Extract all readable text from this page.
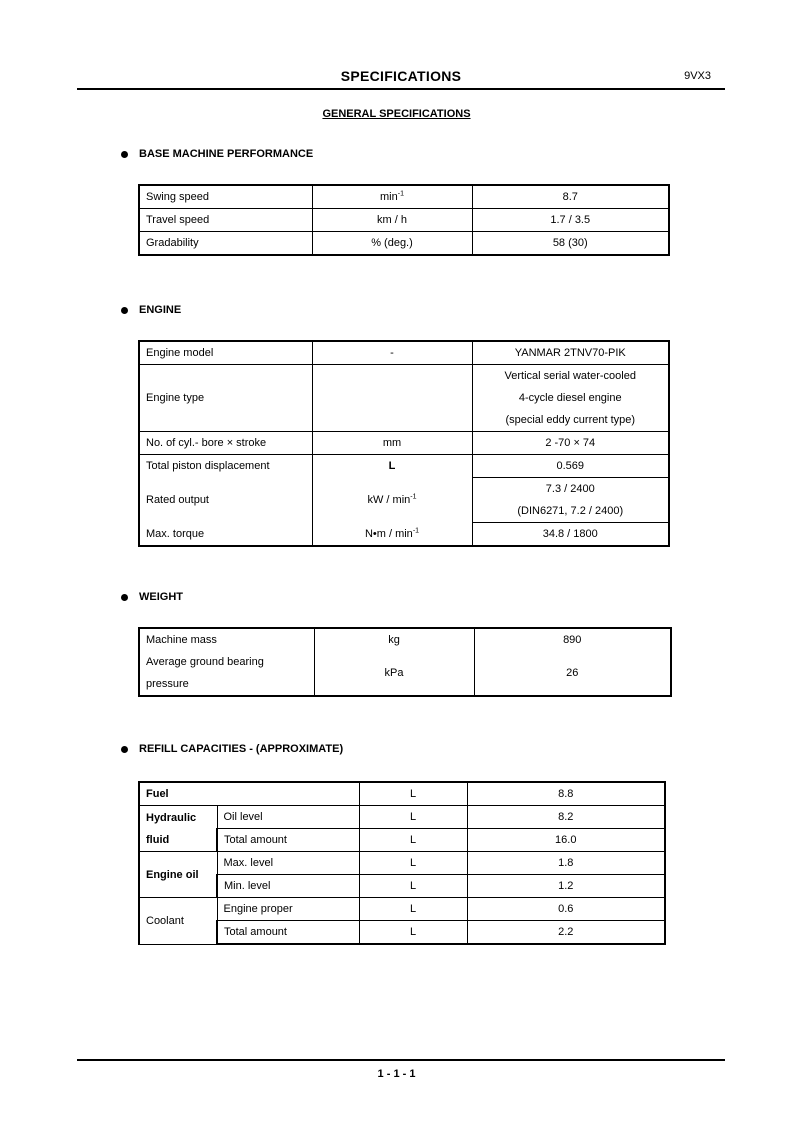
SPECIFICATIONS	9VX3
GENERAL SPECIFICATIONS
BASE MACHINE PERFORMANCE
Swing speed	$\min^{-1}$	8.7
Travel speed	km / h	1.7 / 3.5
Gradability	% (deg.)	58 (30)
ENGINE
Engine model	-	YANMAR 2TNV70-PIK
Engine type		Vertical serial water-cooled
4-cycle diesel engine
(special eddy current type)

No. of cyl.- bore × stroke	mm	2 -70 × 74
Total piston displacement	L	0.569
Rated output	kW / $\min^{-1}$	7.3 / 2400
(DIN6271, 7.2 / 2400)

Max. torque	N•m / $\min^{-1}$	34.8 / 1800
WEIGHT
Machine mass	kg	890

Average ground bearing
pressure	kPa	26
REFILL CAPACITIES - (APPROXIMATE)
Fuel		L	8.8

Hydraulic
fluid	Oil level	L	8.2
	Total amount	L	16.0
Engine oil	Max. level	L	1.8
	Min. level	L	1.2
Coolant	Engine proper	L	0.6
	Total amount	L	2.2
1 - 1 - 1
